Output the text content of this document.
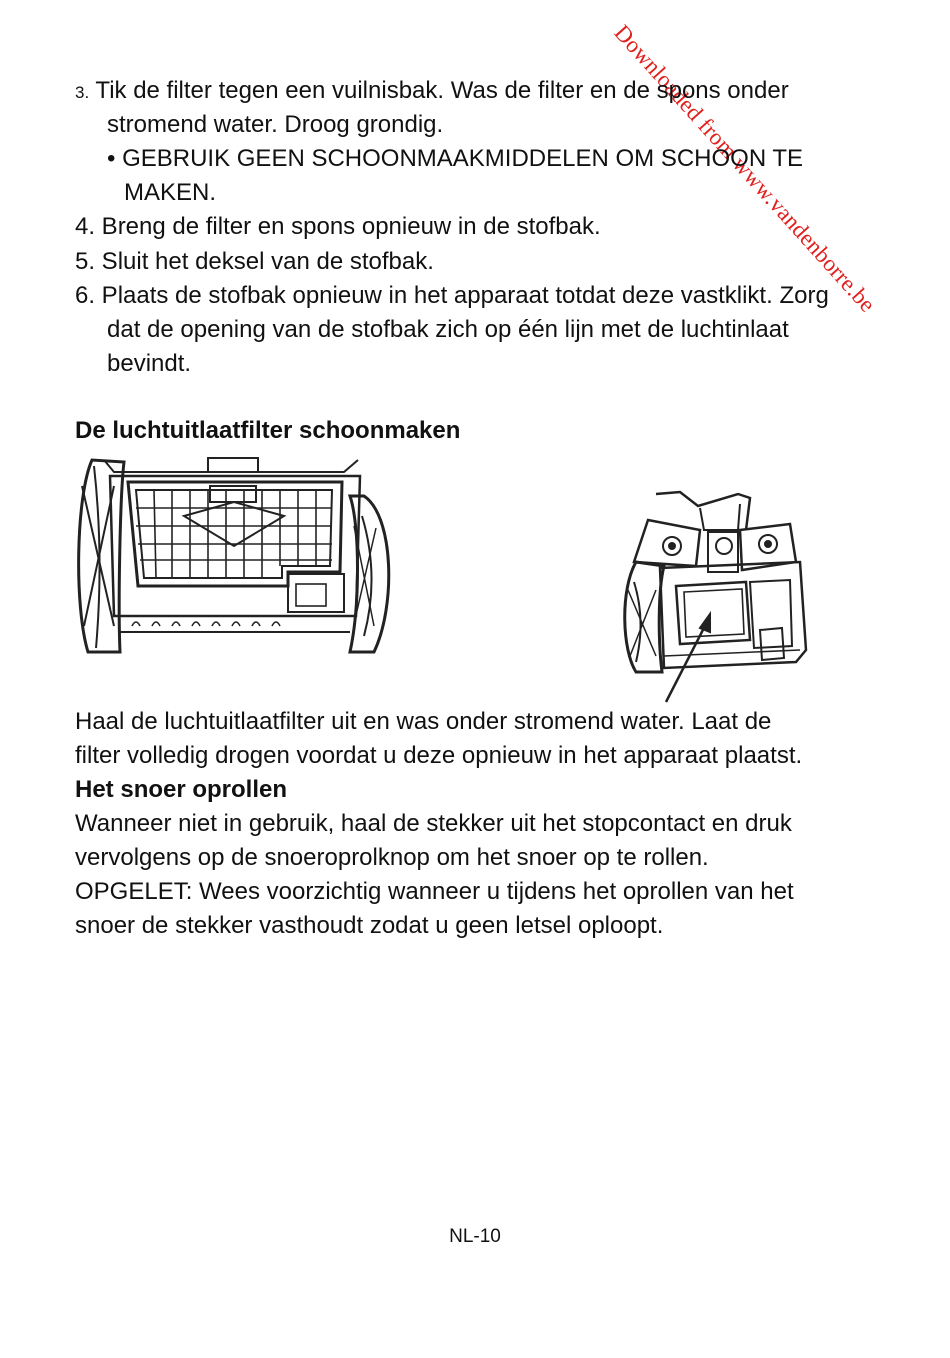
Downloaded from www.vandenborre.be
3. Tik de filter tegen een vuilnisbak. Was de filter en de spons onder
stromend water. Droog grondig.
• GEBRUIK GEEN SCHOONMAAKMIDDELEN OM SCHOON TE
MAKEN.
4. Breng de filter en spons opnieuw in de stofbak.
5. Sluit het deksel van de stofbak.
6. Plaats de stofbak opnieuw in het apparaat totdat deze vastklikt. Zorg
dat de opening van de stofbak zich op één lijn met de luchtinlaat
bevindt.
De luchtuitlaatfilter schoonmaken
Haal de luchtuitlaatfilter uit en was onder stromend water. Laat de
filter volledig drogen voordat u deze opnieuw in het apparaat plaatst.
Het snoer oprollen
Wanneer niet in gebruik, haal de stekker uit het stopcontact en druk
vervolgens op de snoeroprolknop om het snoer op te rollen.
OPGELET: Wees voorzichtig wanneer u tijdens het oprollen van het
snoer de stekker vasthoudt zodat u geen letsel oploopt.
NL-10
